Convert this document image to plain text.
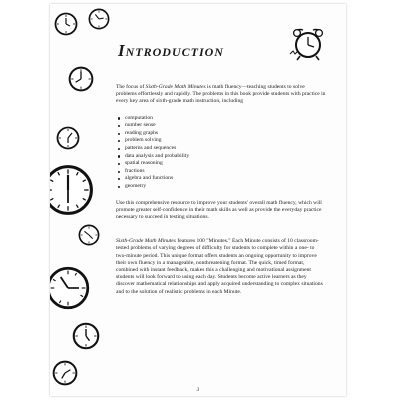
Introduction

The focus of Sixth-Grade Math Minutes is math fluency—teaching students to solve problems effortlessly and rapidly. The problems in this book provide students with practice in every key area of sixth-grade math instruction, including

computation
number sense
reading graphs
problem solving
patterns and sequences
data analysis and probability
spatial reasoning
fractions
algebra and functions
geometry

Use this comprehensive resource to improve your students' overall math fluency, which will promote greater self-confidence in their math skills as well as provide the everyday practice necessary to succeed in testing situations.

Sixth-Grade Math Minutes features 100 "Minutes." Each Minute consists of 10 classroom-tested problems of varying degrees of difficulty for students to complete within a one- to two-minute period. This unique format offers students an ongoing opportunity to improve their own fluency in a manageable, nonthreatening format. The quick, timed format, combined with instant feedback, makes this a challenging and motivational assignment students will look forward to using each day. Students become active learners as they discover mathematical relationships and apply acquired understanding to complex situations and to the solution of realistic problems in each Minute.

3
